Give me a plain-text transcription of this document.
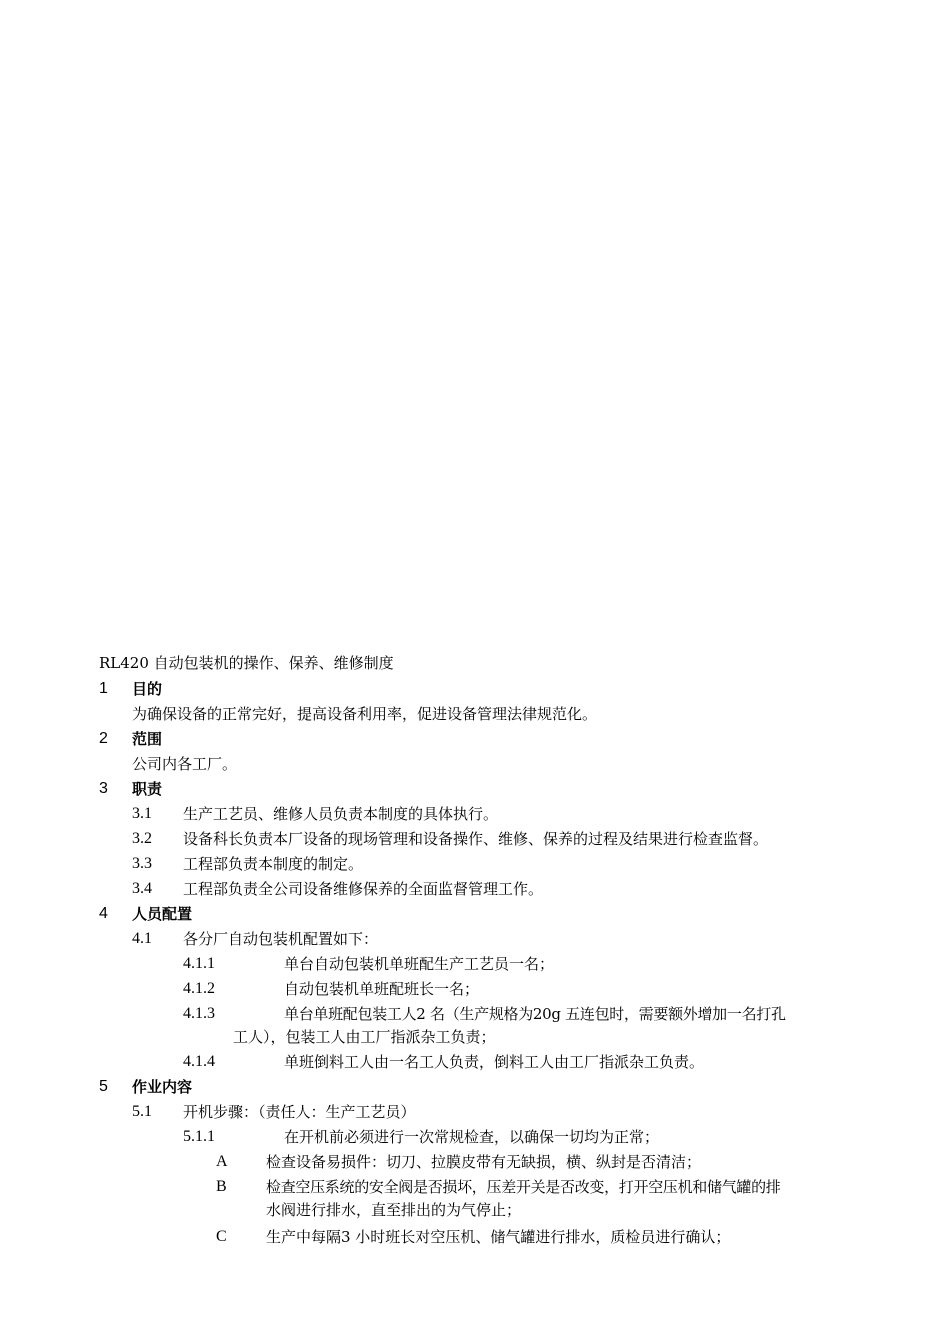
RL420 自动包装机的操作、保养、维修制度
1 目的
为确保设备的正常完好，提高设备利用率，促进设备管理法律规范化。
2 范围
公司内各工厂。
3 职责
3.1 生产工艺员、维修人员负责本制度的具体执行。
3.2 设备科长负责本厂设备的现场管理和设备操作、维修、保养的过程及结果进行检查监督。
3.3 工程部负责本制度的制定。
3.4 工程部负责全公司设备维修保养的全面监督管理工作。
4 人员配置
4.1 各分厂自动包装机配置如下：
4.1.1	单台自动包装机单班配生产工艺员一名；
4.1.2	自动包装机单班配班长一名；
4.1.3	单台单班配包装工人2 名（生产规格为20g 五连包时，需要额外增加一名打孔
工人），包装工人由工厂指派杂工负责；
4.1.4	单班倒料工人由一名工人负责，倒料工人由工厂指派杂工负责。
5 作业内容
5.1 开机步骤：（责任人：生产工艺员）
5.1.1	在开机前必须进行一次常规检查，以确保一切均为正常；
A	检查设备易损件：切刀、拉膜皮带有无缺损，横、纵封是否清洁；
B	检查空压系统的安全阀是否损坏，压差开关是否改变，打开空压机和储气罐的排
水阀进行排水，直至排出的为气停止；
C	生产中每隔3 小时班长对空压机、储气罐进行排水，质检员进行确认；
